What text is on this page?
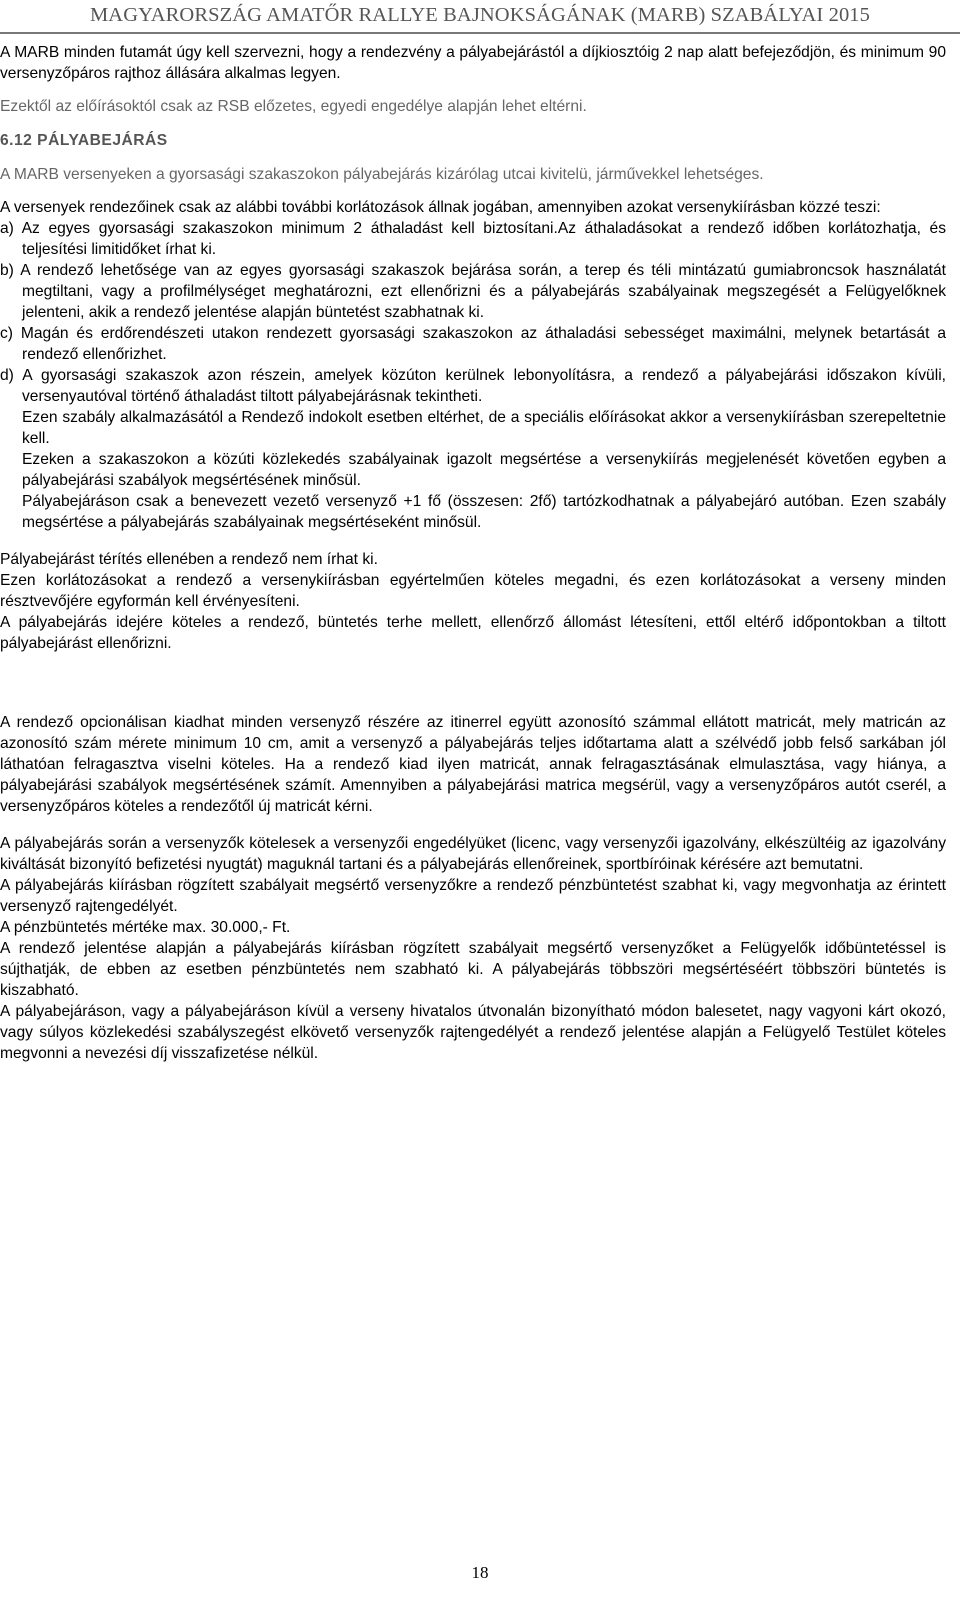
MAGYARORSZÁG AMATŐR RALLYE BAJNOKSÁGÁNAK (MARB) SZABÁLYAI 2015

A MARB minden futamát úgy kell szervezni, hogy a rendezvény a pályabejárástól a díjkiosztóig 2 nap alatt befejeződjön, és minimum 90 versenyzőpáros rajthoz állására alkalmas legyen.

Ezektől az előírásoktól csak az RSB előzetes, egyedi engedélye alapján lehet eltérni.

6.12 PÁLYABEJÁRÁS

A MARB versenyeken a gyorsasági szakaszokon pályabejárás kizárólag utcai kivitelü, járművekkel lehetséges.

A versenyek rendezőinek csak az alábbi további korlátozások állnak jogában, amennyiben azokat versenykiírásban közzé teszi:

a) Az egyes gyorsasági szakaszokon minimum 2 áthaladást kell biztosítani.Az áthaladásokat a rendező időben korlátozhatja, és teljesítési limitidőket írhat ki.

b) A rendező lehetősége van az egyes gyorsasági szakaszok bejárása során, a terep és téli mintázatú gumiabroncsok használatát megtiltani, vagy a profilmélységet meghatározni, ezt ellenőrizni és a pályabejárás szabályainak megszegését a Felügyelőknek jelenteni, akik a rendező jelentése alapján büntetést szabhatnak ki.

c) Magán és erdőrendészeti utakon rendezett gyorsasági szakaszokon az áthaladási sebességet maximálni, melynek betartását a rendező ellenőrizhet.

d) A gyorsasági szakaszok azon részein, amelyek közúton kerülnek lebonyolításra, a rendező a pályabejárási időszakon kívüli, versenyautóval történő áthaladást tiltott pályabejárásnak tekintheti.

Ezen szabály alkalmazásától a Rendező indokolt esetben eltérhet, de a speciális előírásokat akkor a versenykiírásban szerepeltetnie kell.

Ezeken a szakaszokon a közúti közlekedés szabályainak igazolt megsértése a versenykiírás megjelenését követően egyben a pályabejárási szabályok megsértésének minősül.

Pályabejáráson csak a benevezett vezető versenyző +1 fő (összesen: 2fő) tartózkodhatnak a pályabejáró autóban. Ezen szabály megsértése a pályabejárás szabályainak megsértéseként minősül.

Pályabejárást térítés ellenében a rendező nem írhat ki.

Ezen korlátozásokat a rendező a versenykiírásban egyértelműen köteles megadni, és ezen korlátozásokat a verseny minden résztvevőjére egyformán kell érvényesíteni.

A pályabejárás idejére köteles a rendező, büntetés terhe mellett, ellenőrző állomást létesíteni, ettől eltérő időpontokban a tiltott pályabejárást ellenőrizni.

A rendező opcionálisan kiadhat minden versenyző részére az itinerrel együtt azonosító számmal ellátott matricát, mely matricán az azonosító szám mérete minimum 10 cm, amit a versenyző a pályabejárás teljes időtartama alatt a szélvédő jobb felső sarkában jól láthatóan felragasztva viselni köteles. Ha a rendező kiad ilyen matricát, annak felragasztásának elmulasztása, vagy hiánya, a pályabejárási szabályok megsértésének számít. Amennyiben a pályabejárási matrica megsérül, vagy a versenyzőpáros autót cserél, a versenyzőpáros köteles a rendezőtől új matricát kérni.

A pályabejárás során a versenyzők kötelesek a versenyzői engedélyüket (licenc, vagy versenyzői igazolvány, elkészültéig az igazolvány kiváltását bizonyító befizetési nyugtát) maguknál tartani és a pályabejárás ellenőreinek, sportbíróinak kérésére azt bemutatni.

A pályabejárás kiírásban rögzített szabályait megsértő versenyzőkre a rendező pénzbüntetést szabhat ki, vagy megvonhatja az érintett versenyző rajtengedélyét.

A pénzbüntetés mértéke max. 30.000,- Ft.

A rendező jelentése alapján a pályabejárás kiírásban rögzített szabályait megsértő versenyzőket a Felügyelők időbüntetéssel is sújthatják, de ebben az esetben pénzbüntetés nem szabható ki. A pályabejárás többszöri megsértéséért többszöri büntetés is kiszabható.

A pályabejáráson, vagy a pályabejáráson kívül a verseny hivatalos útvonalán bizonyítható módon balesetet, nagy vagyoni kárt okozó, vagy súlyos közlekedési szabályszegést elkövető versenyzők rajtengedélyét a rendező jelentése alapján a Felügyelő Testület köteles megvonni a nevezési díj visszafizetése nélkül.

18
